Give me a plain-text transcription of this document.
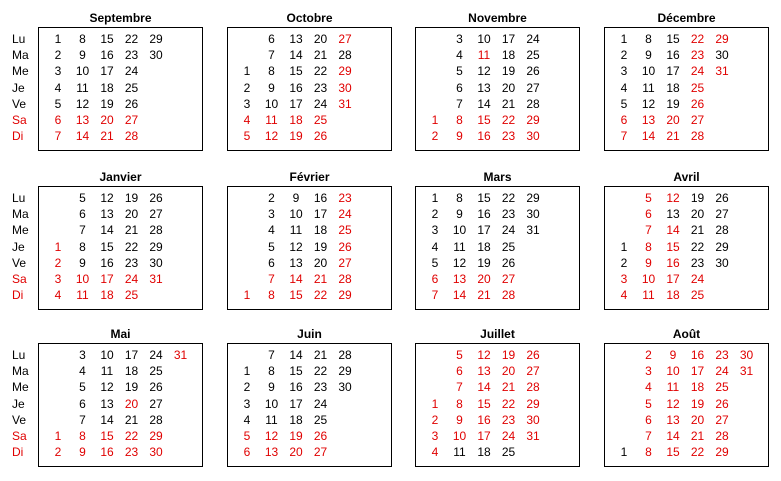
Septembre
Lu
Ma
Me
Je
Ve
Sa
Di
1
2
3
4
5
6
7
8
9
10
11
12
13
14
15
16
17
18
19
20
21
22
23
24
25
26
27
28
29
30
Octobre
1
2
3
4
5
6
7
8
9
10
11
12
13
14
15
16
17
18
19
20
21
22
23
24
25
26
27
28
29
30
31
Novembre
1
2
3
4
5
6
7
8
9
10
11
12
13
14
15
16
17
18
19
20
21
22
23
24
25
26
27
28
29
30
Décembre
1
2
3
4
5
6
7
8
9
10
11
12
13
14
15
16
17
18
19
20
21
22
23
24
25
26
27
28
29
30
31
Janvier
Lu
Ma
Me
Je
Ve
Sa
Di
1
2
3
4
5
6
7
8
9
10
11
12
13
14
15
16
17
18
19
20
21
22
23
24
25
26
27
28
29
30
31
Février
1
2
3
4
5
6
7
8
9
10
11
12
13
14
15
16
17
18
19
20
21
22
23
24
25
26
27
28
29
Mars
1
2
3
4
5
6
7
8
9
10
11
12
13
14
15
16
17
18
19
20
21
22
23
24
25
26
27
28
29
30
31
Avril
1
2
3
4
5
6
7
8
9
10
11
12
13
14
15
16
17
18
19
20
21
22
23
24
25
26
27
28
29
30
Mai
Lu
Ma
Me
Je
Ve
Sa
Di
1
2
3
4
5
6
7
8
9
10
11
12
13
14
15
16
17
18
19
20
21
22
23
24
25
26
27
28
29
30
31
Juin
1
2
3
4
5
6
7
8
9
10
11
12
13
14
15
16
17
18
19
20
21
22
23
24
25
26
27
28
29
30
Juillet
1
2
3
4
5
6
7
8
9
10
11
12
13
14
15
16
17
18
19
20
21
22
23
24
25
26
27
28
29
30
31
Août
1
2
3
4
5
6
7
8
9
10
11
12
13
14
15
16
17
18
19
20
21
22
23
24
25
26
27
28
29
30
31
